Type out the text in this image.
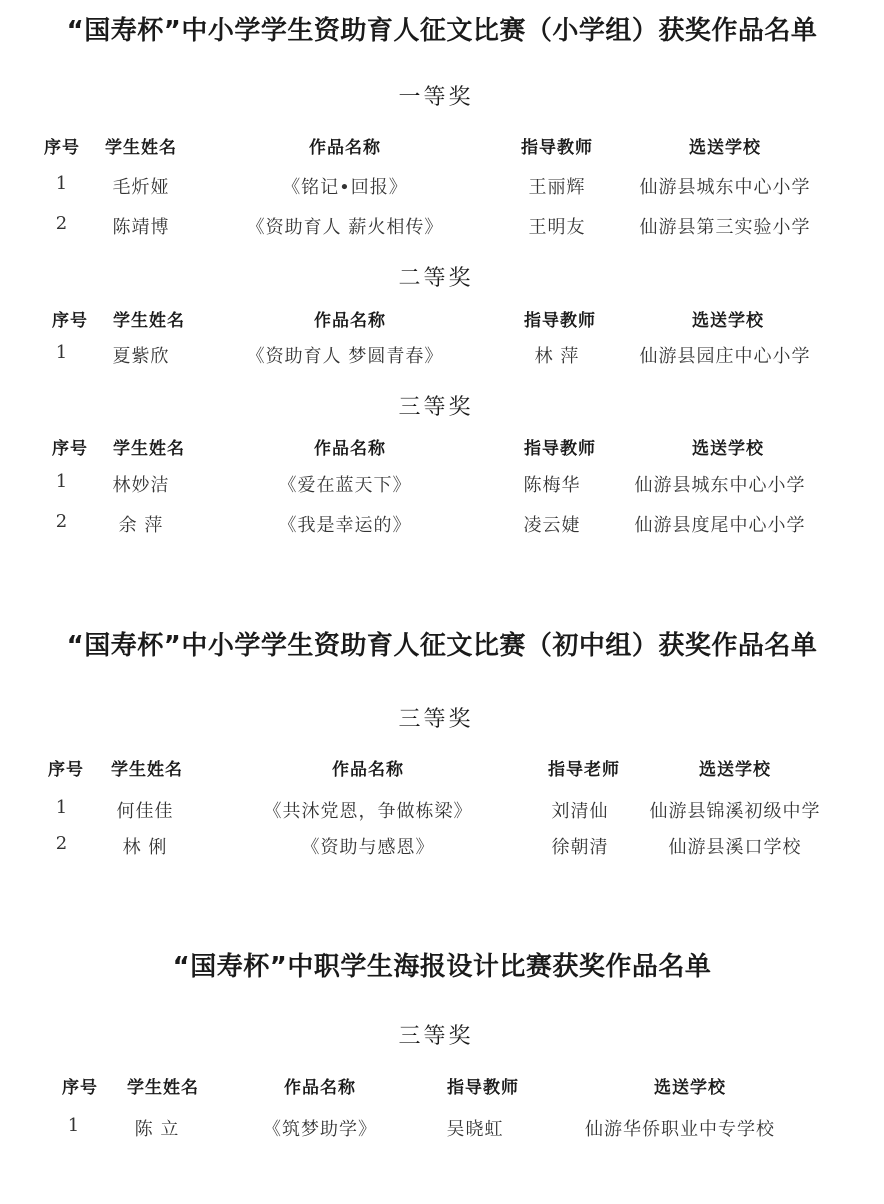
“国寿杯”中小学学生资助育人征文比赛（小学组）获奖作品名单
一等奖
序号	学生姓名	作品名称	指导教师	选送学校
1	毛炘娅	《铭记•回报》	王丽辉	仙游县城东中心小学
2	陈靖博	《资助育人 薪火相传》	王明友	仙游县第三实验小学
二等奖
序号	学生姓名	作品名称	指导教师	选送学校
1	夏紫欣	《资助育人 梦圆青春》	林 萍	仙游县园庄中心小学
三等奖
序号	学生姓名	作品名称	指导教师	选送学校
1	林妙洁	《爱在蓝天下》	陈梅华	仙游县城东中心小学
2	余 萍	《我是幸运的》	凌云婕	仙游县度尾中心小学
“国寿杯”中小学学生资助育人征文比赛（初中组）获奖作品名单
三等奖
序号	学生姓名	作品名称	指导老师	选送学校
1	何佳佳	《共沐党恩，争做栋梁》	刘清仙	仙游县锦溪初级中学
2	林 俐	《资助与感恩》	徐朝清	仙游县溪口学校
“国寿杯”中职学生海报设计比赛获奖作品名单
三等奖
序号	学生姓名	作品名称	指导教师	选送学校
1	陈 立	《筑梦助学》	吴晓虹	仙游华侨职业中专学校
